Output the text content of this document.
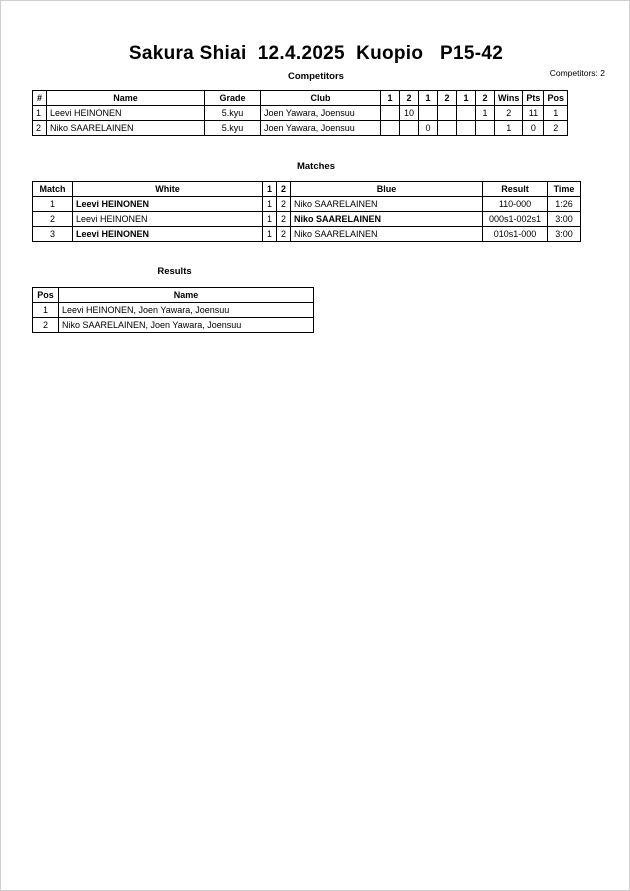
Sakura Shiai  12.4.2025  Kuopio   P15-42
Competitors: 2
Competitors
#	Name	Grade	Club	1	2	1	2	1	2	Wins	Pts	Pos
1	Leevi HEINONEN	5.kyu	Joen Yawara, Joensuu		10				1	2	11	1
2	Niko SAARELAINEN	5.kyu	Joen Yawara, Joensuu			0				1	0	2
Matches
Match	White	1	2	Blue	Result	Time
1	Leevi HEINONEN	1	2	Niko SAARELAINEN	110-000	1:26
2	Leevi HEINONEN	1	2	Niko SAARELAINEN	000s1-002s1	3:00
3	Leevi HEINONEN	1	2	Niko SAARELAINEN	010s1-000	3:00
Results
Pos	Name
1	Leevi HEINONEN, Joen Yawara, Joensuu
2	Niko SAARELAINEN, Joen Yawara, Joensuu
